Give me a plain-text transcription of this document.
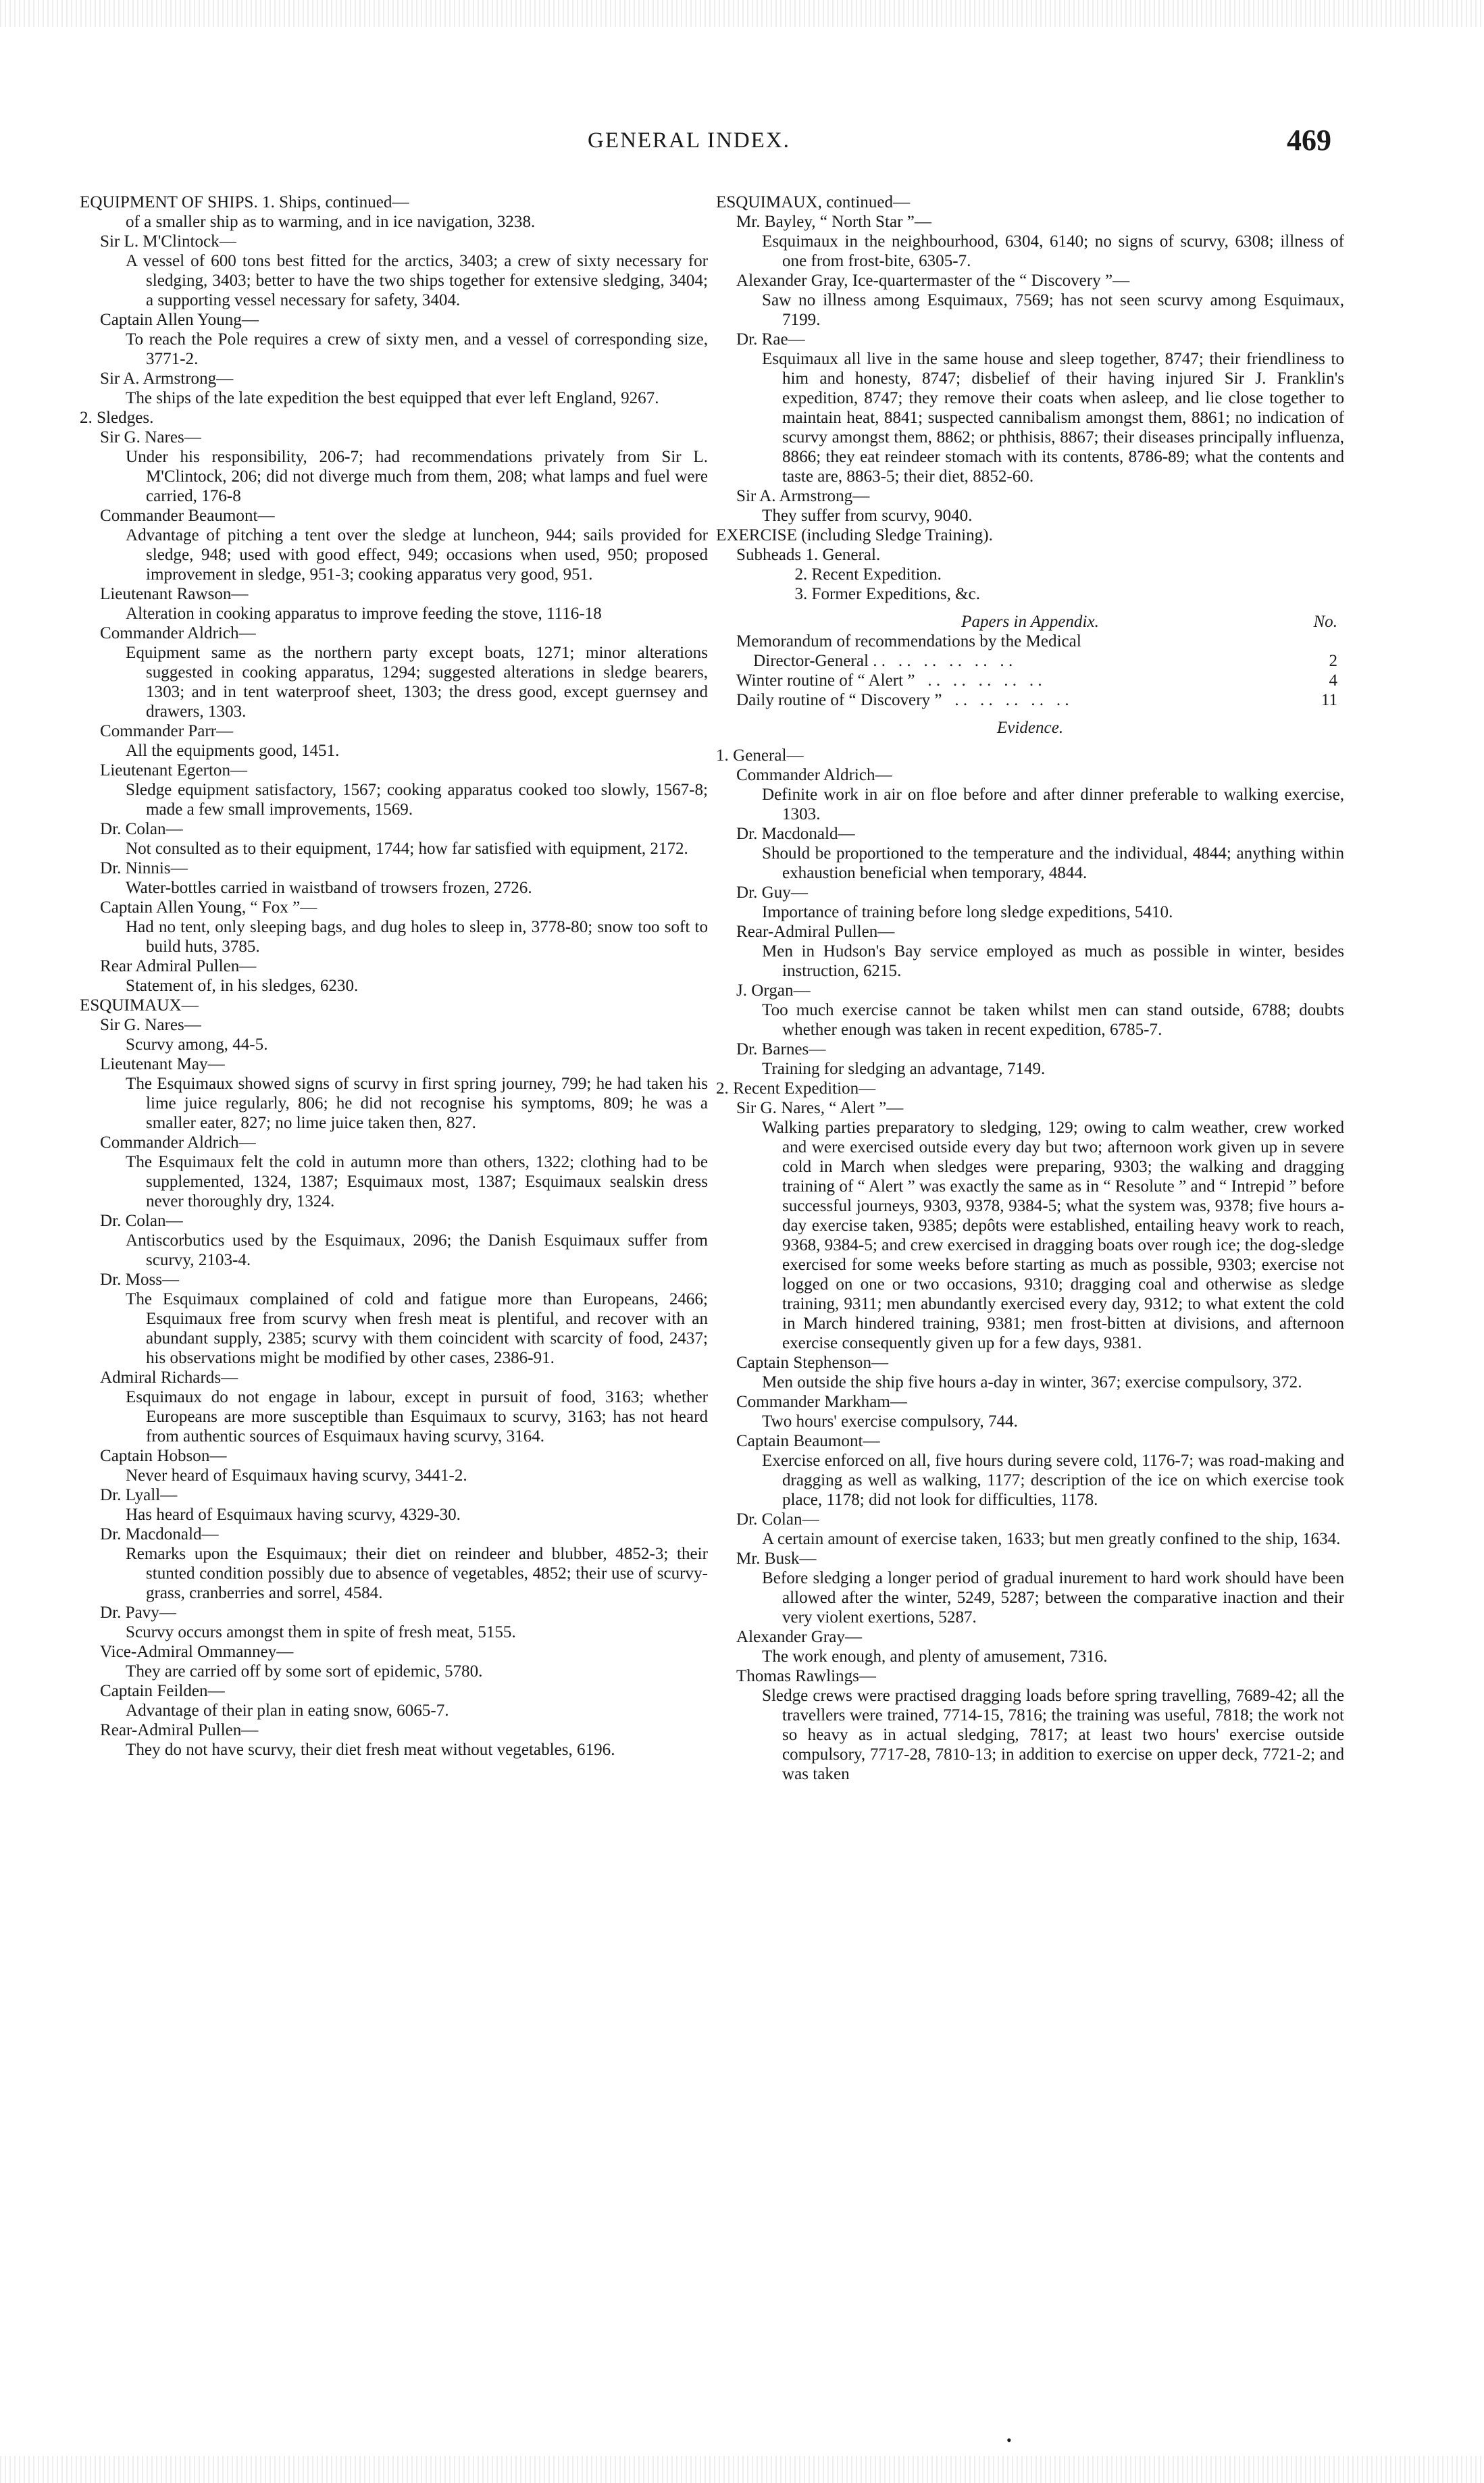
GENERAL INDEX.	469

EQUIPMENT OF SHIPS. 1. Ships, continued—

of a smaller ship as to warming, and in ice navigation, 3238.

Sir L. M'Clintock—

A vessel of 600 tons best fitted for the arctics, 3403; a crew of sixty necessary for sledging, 3403; better to have the two ships together for extensive sledging, 3404; a supporting vessel necessary for safety, 3404.

Captain Allen Young—

To reach the Pole requires a crew of sixty men, and a vessel of corresponding size, 3771-2.

Sir A. Armstrong—

The ships of the late expedition the best equipped that ever left England, 9267.

2. Sledges.

Sir G. Nares—

Under his responsibility, 206-7; had recommendations privately from Sir L. M'Clintock, 206; did not diverge much from them, 208; what lamps and fuel were carried, 176-8

Commander Beaumont—

Advantage of pitching a tent over the sledge at luncheon, 944; sails provided for sledge, 948; used with good effect, 949; occasions when used, 950; proposed improvement in sledge, 951-3; cooking apparatus very good, 951.

Lieutenant Rawson—

Alteration in cooking apparatus to improve feeding the stove, 1116-18

Commander Aldrich—

Equipment same as the northern party except boats, 1271; minor alterations suggested in cooking apparatus, 1294; suggested alterations in sledge bearers, 1303; and in tent waterproof sheet, 1303; the dress good, except guernsey and drawers, 1303.

Commander Parr—

All the equipments good, 1451.

Lieutenant Egerton—

Sledge equipment satisfactory, 1567; cooking apparatus cooked too slowly, 1567-8; made a few small improvements, 1569.

Dr. Colan—

Not consulted as to their equipment, 1744; how far satisfied with equipment, 2172.

Dr. Ninnis—

Water-bottles carried in waistband of trowsers frozen, 2726.

Captain Allen Young, “ Fox ”—

Had no tent, only sleeping bags, and dug holes to sleep in, 3778-80; snow too soft to build huts, 3785.

Rear Admiral Pullen—

Statement of, in his sledges, 6230.

ESQUIMAUX—

Sir G. Nares—

Scurvy among, 44-5.

Lieutenant May—

The Esquimaux showed signs of scurvy in first spring journey, 799; he had taken his lime juice regularly, 806; he did not recognise his symptoms, 809; he was a smaller eater, 827; no lime juice taken then, 827.

Commander Aldrich—

The Esquimaux felt the cold in autumn more than others, 1322; clothing had to be supplemented, 1324, 1387; Esquimaux most, 1387; Esquimaux sealskin dress never thoroughly dry, 1324.

Dr. Colan—

Antiscorbutics used by the Esquimaux, 2096; the Danish Esquimaux suffer from scurvy, 2103-4.

Dr. Moss—

The Esquimaux complained of cold and fatigue more than Europeans, 2466; Esquimaux free from scurvy when fresh meat is plentiful, and recover with an abundant supply, 2385; scurvy with them coincident with scarcity of food, 2437; his observations might be modified by other cases, 2386-91.

Admiral Richards—

Esquimaux do not engage in labour, except in pursuit of food, 3163; whether Europeans are more susceptible than Esquimaux to scurvy, 3163; has not heard from authentic sources of Esquimaux having scurvy, 3164.

Captain Hobson—

Never heard of Esquimaux having scurvy, 3441-2.

Dr. Lyall—

Has heard of Esquimaux having scurvy, 4329-30.

Dr. Macdonald—

Remarks upon the Esquimaux; their diet on reindeer and blubber, 4852-3; their stunted condition possibly due to absence of vegetables, 4852; their use of scurvy-grass, cranberries and sorrel, 4584.

Dr. Pavy—

Scurvy occurs amongst them in spite of fresh meat, 5155.

Vice-Admiral Ommanney—

They are carried off by some sort of epidemic, 5780.

Captain Feilden—

Advantage of their plan in eating snow, 6065-7.

Rear-Admiral Pullen—

They do not have scurvy, their diet fresh meat without vegetables, 6196.

ESQUIMAUX, continued—

Mr. Bayley, “ North Star ”—

Esquimaux in the neighbourhood, 6304, 6140; no signs of scurvy, 6308; illness of one from frost-bite, 6305-7.

Alexander Gray, Ice-quartermaster of the “ Discovery ”—

Saw no illness among Esquimaux, 7569; has not seen scurvy among Esquimaux, 7199.

Dr. Rae—

Esquimaux all live in the same house and sleep together, 8747; their friendliness to him and honesty, 8747; disbelief of their having injured Sir J. Franklin's expedition, 8747; they remove their coats when asleep, and lie close together to maintain heat, 8841; suspected cannibalism amongst them, 8861; no indication of scurvy amongst them, 8862; or phthisis, 8867; their diseases principally influenza, 8866; they eat reindeer stomach with its contents, 8786-89; what the contents and taste are, 8863-5; their diet, 8852-60.

Sir A. Armstrong—

They suffer from scurvy, 9040.

EXERCISE (including Sledge Training).

Subheads 1. General.

2. Recent Expedition.

3. Former Expeditions, &c.

Papers in Appendix.	No.

Memorandum of recommendations by the Medical
Director-General . .   . .   . .   . .   . .   . .	2
Winter routine of “ Alert ”   . .   . .   . .   . .   . .	4
Daily routine of “ Discovery ”   . .   . .   . .   . .   . .	11

Evidence.

1. General—

Commander Aldrich—

Definite work in air on floe before and after dinner preferable to walking exercise, 1303.

Dr. Macdonald—

Should be proportioned to the temperature and the individual, 4844; anything within exhaustion beneficial when temporary, 4844.

Dr. Guy—

Importance of training before long sledge expeditions, 5410.

Rear-Admiral Pullen—

Men in Hudson's Bay service employed as much as possible in winter, besides instruction, 6215.

J. Organ—

Too much exercise cannot be taken whilst men can stand outside, 6788; doubts whether enough was taken in recent expedition, 6785-7.

Dr. Barnes—

Training for sledging an advantage, 7149.

2. Recent Expedition—

Sir G. Nares, “ Alert ”—

Walking parties preparatory to sledging, 129; owing to calm weather, crew worked and were exercised outside every day but two; afternoon work given up in severe cold in March when sledges were preparing, 9303; the walking and dragging training of “ Alert ” was exactly the same as in “ Resolute ” and “ Intrepid ” before successful journeys, 9303, 9378, 9384-5; what the system was, 9378; five hours a-day exercise taken, 9385; depôts were established, entailing heavy work to reach, 9368, 9384-5; and crew exercised in dragging boats over rough ice; the dog-sledge exercised for some weeks before starting as much as possible, 9303; exercise not logged on one or two occasions, 9310; dragging coal and otherwise as sledge training, 9311; men abundantly exercised every day, 9312; to what extent the cold in March hindered training, 9381; men frost-bitten at divisions, and afternoon exercise consequently given up for a few days, 9381.

Captain Stephenson—

Men outside the ship five hours a-day in winter, 367; exercise compulsory, 372.

Commander Markham—

Two hours' exercise compulsory, 744.

Captain Beaumont—

Exercise enforced on all, five hours during severe cold, 1176-7; was road-making and dragging as well as walking, 1177; description of the ice on which exercise took place, 1178; did not look for difficulties, 1178.

Dr. Colan—

A certain amount of exercise taken, 1633; but men greatly confined to the ship, 1634.

Mr. Busk—

Before sledging a longer period of gradual inurement to hard work should have been allowed after the winter, 5249, 5287; between the comparative inaction and their very violent exertions, 5287.

Alexander Gray—

The work enough, and plenty of amusement, 7316.

Thomas Rawlings—

Sledge crews were practised dragging loads before spring travelling, 7689-42; all the travellers were trained, 7714-15, 7816; the training was useful, 7818; the work not so heavy as in actual sledging, 7817; at least two hours' exercise outside compulsory, 7717-28, 7810-13; in addition to exercise on upper deck, 7721-2; and was taken

•
